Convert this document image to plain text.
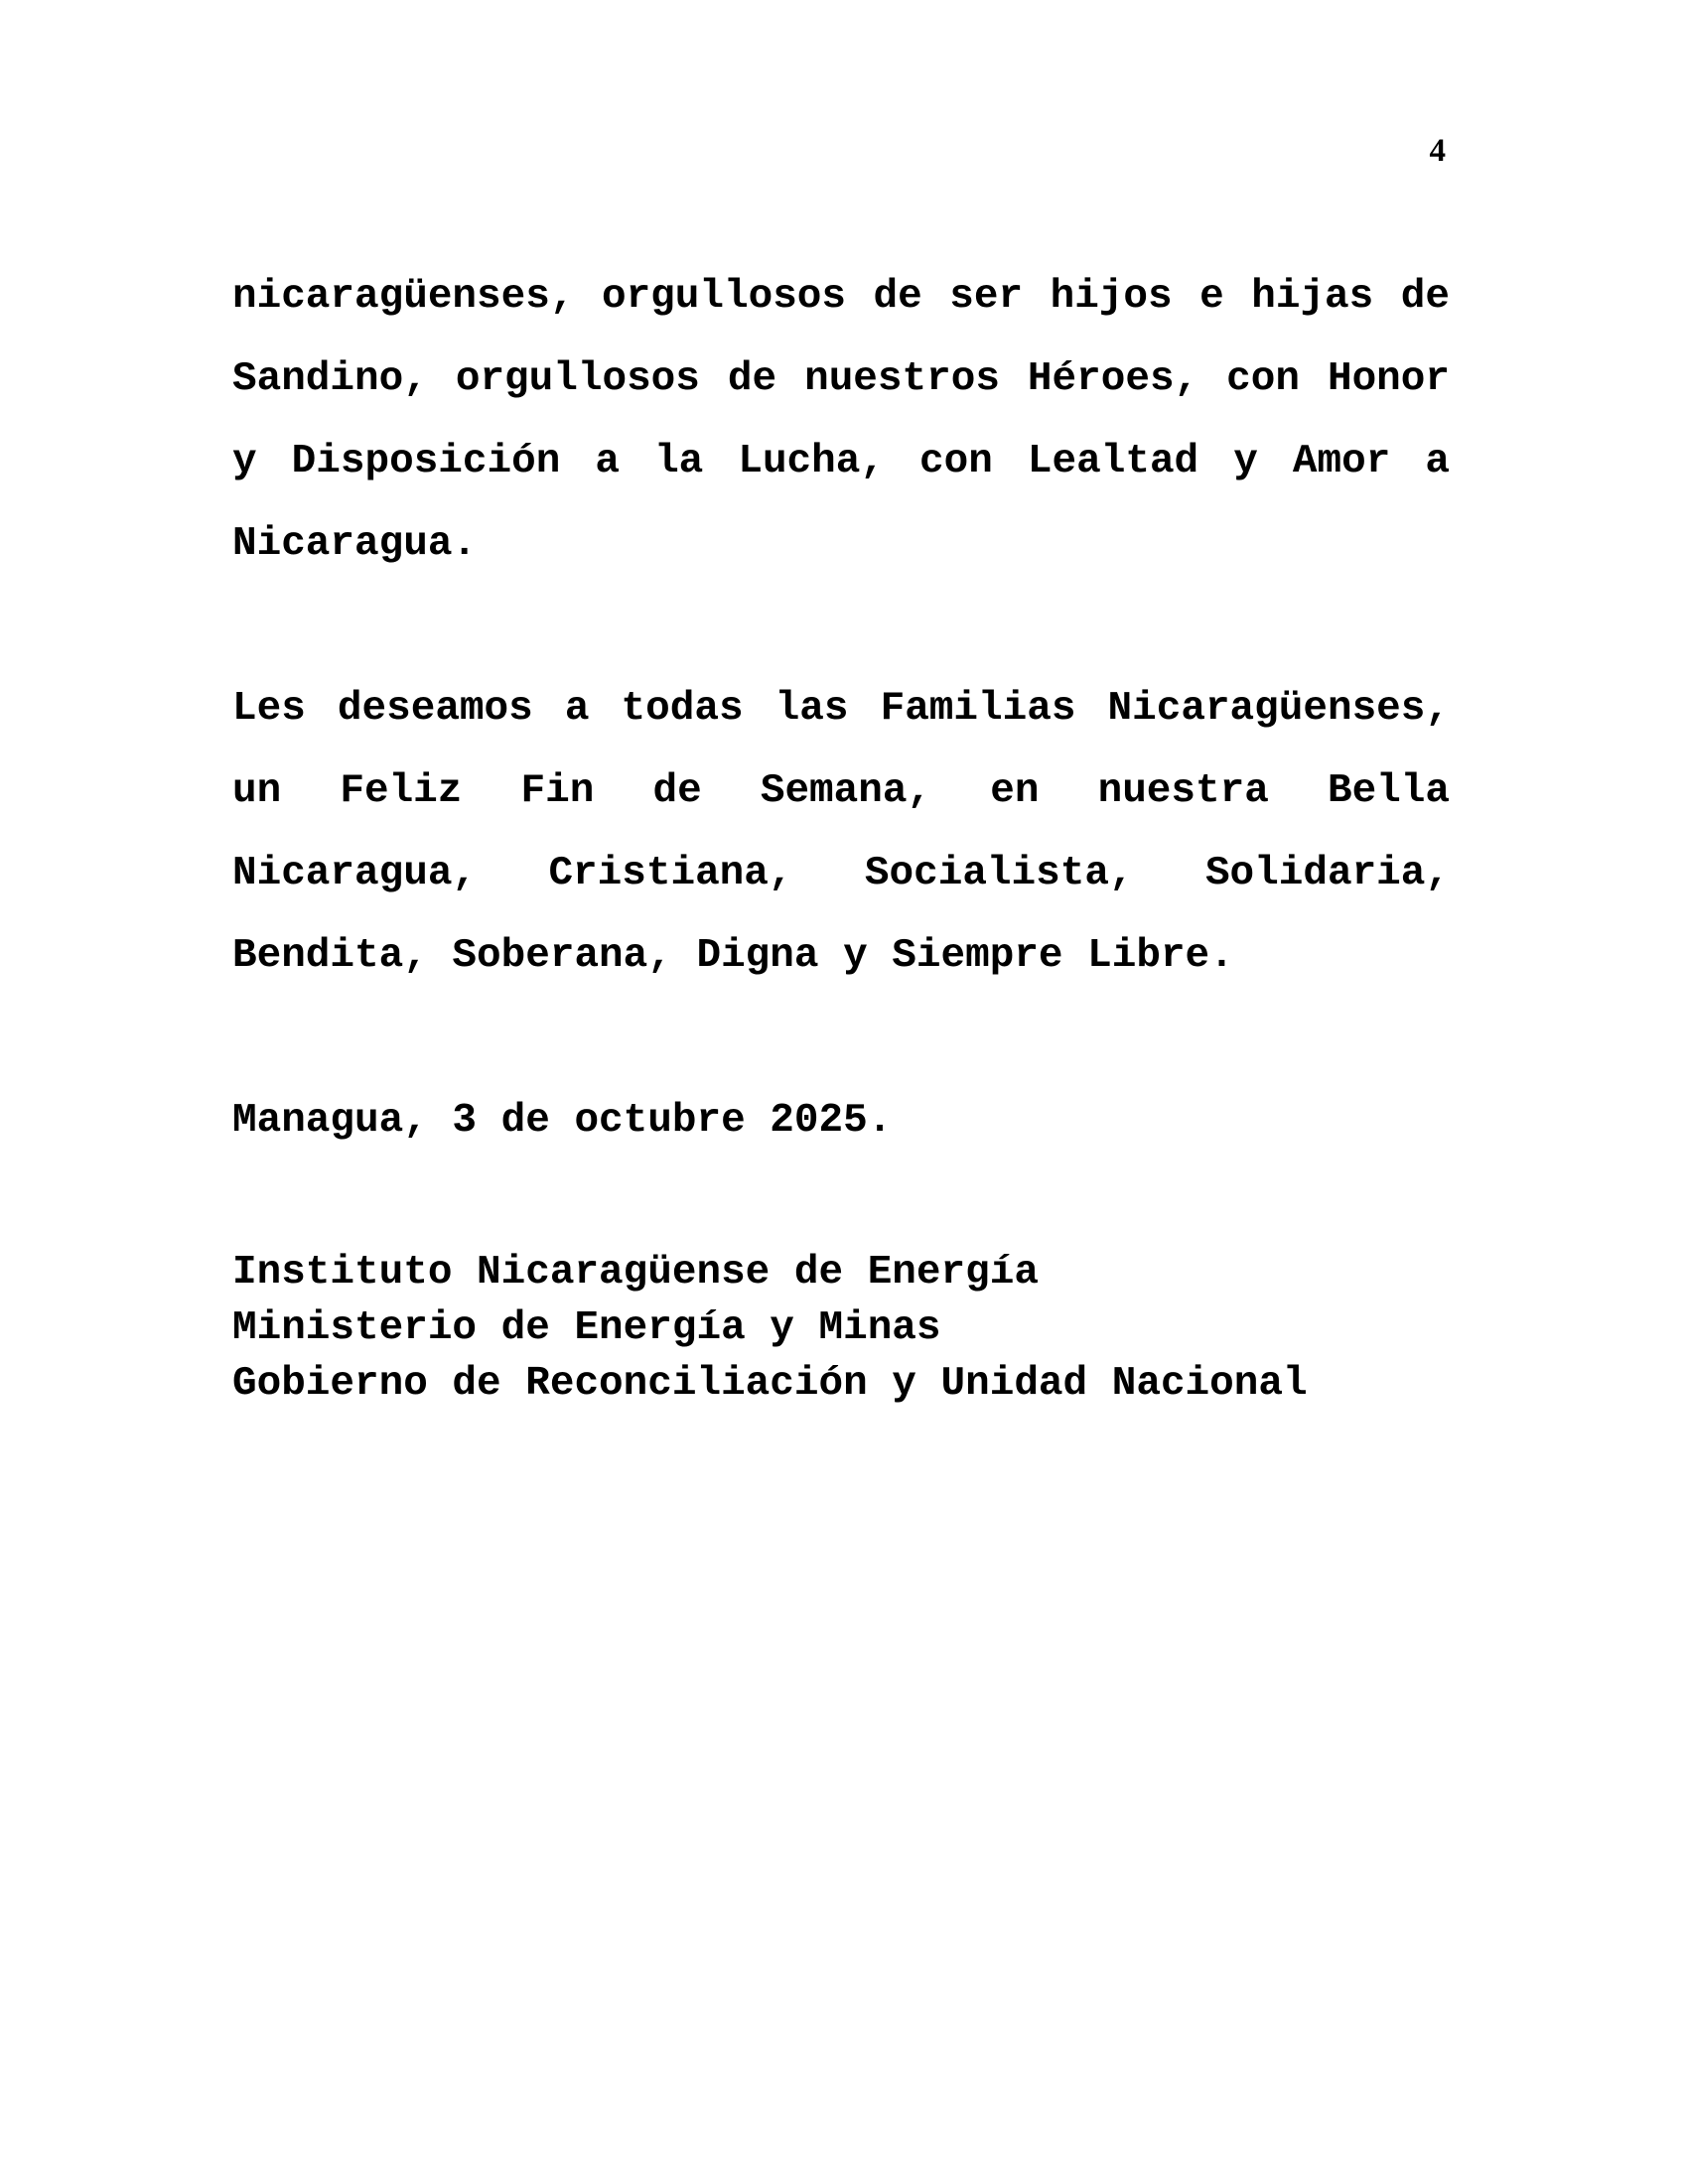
4

nicaragüenses, orgullosos de ser hijos e hijas de Sandino, orgullosos de nuestros Héroes, con Honor y Disposición a la Lucha, con Lealtad y Amor a Nicaragua.

Les deseamos a todas las Familias Nicaragüenses, un Feliz Fin de Semana, en nuestra Bella Nicaragua, Cristiana, Socialista, Solidaria, Bendita, Soberana, Digna y Siempre Libre.

Managua, 3 de octubre 2025.

Instituto Nicaragüense de Energía
Ministerio de Energía y Minas
Gobierno de Reconciliación y Unidad Nacional
